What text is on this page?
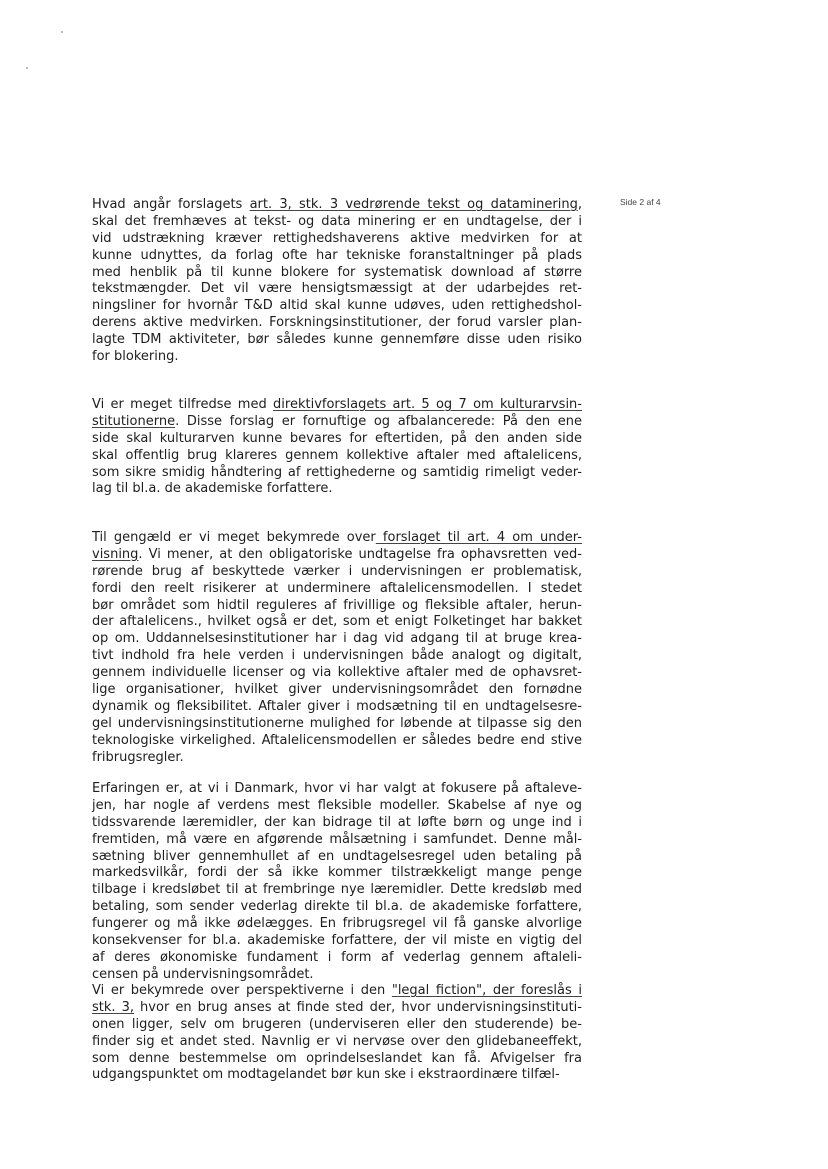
Side 2 af 4

Hvad angår forslagets art. 3, stk. 3 vedrørende tekst og dataminering,
skal det fremhæves at tekst- og data minering er en undtagelse, der i
vid udstrækning kræver rettighedshaverens aktive medvirken for at
kunne udnyttes, da forlag ofte har tekniske foranstaltninger på plads
med henblik på til kunne blokere for systematisk download af større
tekstmængder. Det vil være hensigtsmæssigt at der udarbejdes ret-
ningsliner for hvornår T&D altid skal kunne udøves, uden rettighedshol-
derens aktive medvirken. Forskningsinstitutioner, der forud varsler plan-
lagte TDM aktiviteter, bør således kunne gennemføre disse uden risiko
for blokering.

Vi er meget tilfredse med direktivforslagets art. 5 og 7 om kulturarvsin-
stitutionerne. Disse forslag er fornuftige og afbalancerede: På den ene
side skal kulturarven kunne bevares for eftertiden, på den anden side
skal offentlig brug klareres gennem kollektive aftaler med aftalelicens,
som sikre smidig håndtering af rettighederne og samtidig rimeligt veder-
lag til bl.a. de akademiske forfattere.

Til gengæld er vi meget bekymrede over forslaget til art. 4 om under-
visning. Vi mener, at den obligatoriske undtagelse fra ophavsretten ved-
rørende brug af beskyttede værker i undervisningen er problematisk,
fordi den reelt risikerer at underminere aftalelicensmodellen. I stedet
bør området som hidtil reguleres af frivillige og fleksible aftaler, herun-
der aftalelicens., hvilket også er det, som et enigt Folketinget har bakket
op om. Uddannelsesinstitutioner har i dag vid adgang til at bruge krea-
tivt indhold fra hele verden i undervisningen både analogt og digitalt,
gennem individuelle licenser og via kollektive aftaler med de ophavsret-
lige organisationer, hvilket giver undervisningsområdet den fornødne
dynamik og fleksibilitet. Aftaler giver i modsætning til en undtagelsesre-
gel undervisningsinstitutionerne mulighed for løbende at tilpasse sig den
teknologiske virkelighed. Aftalelicensmodellen er således bedre end stive
fribrugsregler.

Erfaringen er, at vi i Danmark, hvor vi har valgt at fokusere på aftaleve-
jen, har nogle af verdens mest fleksible modeller. Skabelse af nye og
tidssvarende læremidler, der kan bidrage til at løfte børn og unge ind i
fremtiden, må være en afgørende målsætning i samfundet. Denne mål-
sætning bliver gennemhullet af en undtagelsesregel uden betaling på
markedsvilkår, fordi der så ikke kommer tilstrækkeligt mange penge
tilbage i kredsløbet til at frembringe nye læremidler. Dette kredsløb med
betaling, som sender vederlag direkte til bl.a. de akademiske forfattere,
fungerer og må ikke ødelægges. En fribrugsregel vil få ganske alvorlige
konsekvenser for bl.a. akademiske forfattere, der vil miste en vigtig del
af deres økonomiske fundament i form af vederlag gennem aftaleli-
censen på undervisningsområdet.

Vi er bekymrede over perspektiverne i den "legal fiction", der foreslås i
stk. 3, hvor en brug anses at finde sted der, hvor undervisningsinstituti-
onen ligger, selv om brugeren (underviseren eller den studerende) be-
finder sig et andet sted. Navnlig er vi nervøse over den glidebaneeffekt,
som denne bestemmelse om oprindelseslandet kan få. Afvigelser fra
udgangspunktet om modtagelandet bør kun ske i ekstraordinære tilfæl-
